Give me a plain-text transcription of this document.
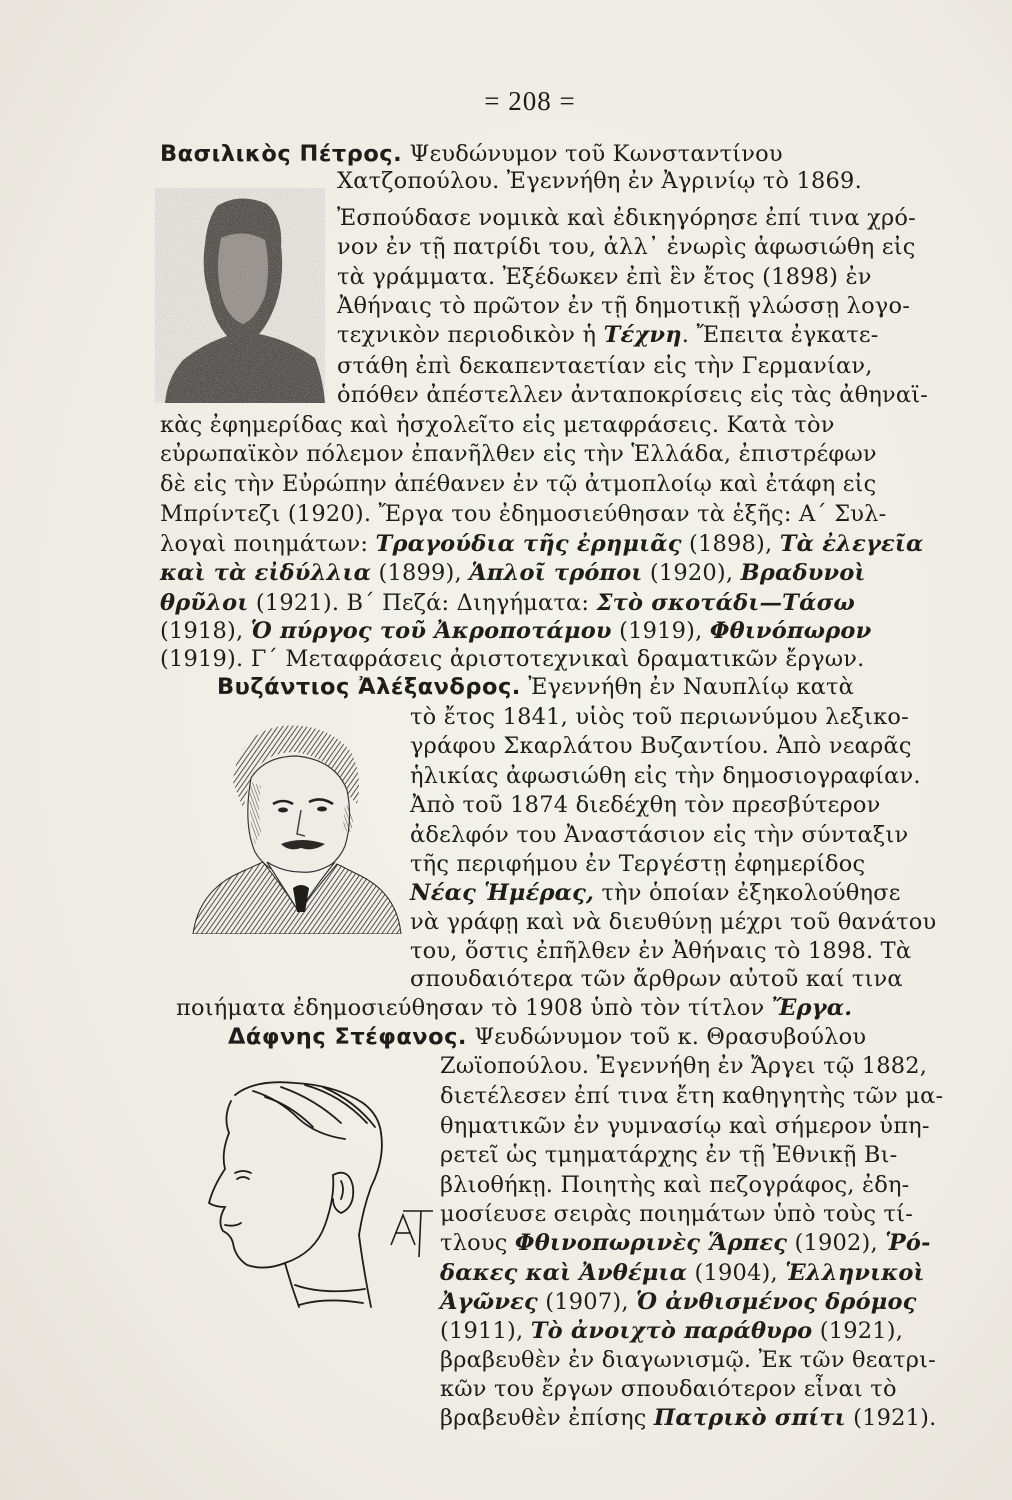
= 208 =
Βασιλικὸς Πέτρος. Ψευδώνυμον τοῦ Κωνσταντίνου
Χατζοπούλου. Ἐγεννήθη ἐν Ἀγρινίῳ τὸ 1869.
Ἐσπούδασε νομικὰ καὶ ἐδικηγόρησε ἐπί τινα χρό-
νον ἐν τῇ πατρίδι του, ἀλλ᾽ ἐνωρὶς ἀφωσιώθη εἰς
τὰ γράμματα. Ἐξέδωκεν ἐπὶ ἓν ἔτος (1898) ἐν
Ἀθήναις τὸ πρῶτον ἐν τῇ δημοτικῇ γλώσσῃ λογο-
τεχνικὸν περιοδικὸν ἡ Τέχνη. Ἔπειτα ἐγκατε-
στάθη ἐπὶ δεκαπενταετίαν εἰς τὴν Γερμανίαν,
ὁπόθεν ἀπέστελλεν ἀνταποκρίσεις εἰς τὰς ἀθηναϊ-
κὰς ἐφημερίδας καὶ ἠσχολεῖτο εἰς μεταφράσεις. Κατὰ τὸν
εὐρωπαϊκὸν πόλεμον ἐπανῆλθεν εἰς τὴν Ἑλλάδα, ἐπιστρέφων
δὲ εἰς τὴν Εὐρώπην ἀπέθανεν ἐν τῷ ἀτμοπλοίῳ καὶ ἐτάφη εἰς
Μπρίντεζι (1920). Ἔργα του ἐδημοσιεύθησαν τὰ ἑξῆς: Α΄ Συλ-
λογαὶ ποιημάτων: Τραγούδια τῆς ἐρημιᾶς (1898), Τὰ ἐλεγεῖα
καὶ τὰ εἰδύλλια (1899), Ἁπλοῖ τρόποι (1920), Βραδυνοὶ
θρῦλοι (1921). Β΄ Πεζά: Διηγήματα: Στὸ σκοτάδι—Τάσω
(1918), Ὁ πύργος τοῦ Ἀκροποτάμου (1919), Φθινόπωρον
(1919). Γ΄ Μεταφράσεις ἀριστοτεχνικαὶ δραματικῶν ἔργων.
Βυζάντιος Ἀλέξανδρος. Ἐγεννήθη ἐν Ναυπλίῳ κατὰ
τὸ ἔτος 1841, υἱὸς τοῦ περιωνύμου λεξικο-
γράφου Σκαρλάτου Βυζαντίου. Ἀπὸ νεαρᾶς
ἡλικίας ἀφωσιώθη εἰς τὴν δημοσιογραφίαν.
Ἀπὸ τοῦ 1874 διεδέχθη τὸν πρεσβύτερον
ἀδελφόν του Ἀναστάσιον εἰς τὴν σύνταξιν
τῆς περιφήμου ἐν Τεργέστῃ ἐφημερίδος
Νέας Ἡμέρας, τὴν ὁποίαν ἐξηκολούθησε
νὰ γράφῃ καὶ νὰ διευθύνῃ μέχρι τοῦ θανάτου
του, ὅστις ἐπῆλθεν ἐν Ἀθήναις τὸ 1898. Τὰ
σπουδαιότερα τῶν ἄρθρων αὐτοῦ καί τινα
ποιήματα ἐδημοσιεύθησαν τὸ 1908 ὑπὸ τὸν τίτλον Ἔργα.
Δάφνης Στέφανος. Ψευδώνυμον τοῦ κ. Θρασυβούλου
Ζωϊοπούλου. Ἐγεννήθη ἐν Ἄργει τῷ 1882,
διετέλεσεν ἐπί τινα ἔτη καθηγητὴς τῶν μα-
θηματικῶν ἐν γυμνασίῳ καὶ σήμερον ὑπη-
ρετεῖ ὡς τμηματάρχης ἐν τῇ Ἐθνικῇ Βι-
βλιοθήκῃ. Ποιητὴς καὶ πεζογράφος, ἐδη-
μοσίευσε σειρὰς ποιημάτων ὑπὸ τοὺς τί-
τλους Φθινοπωρινὲς Ἅρπες (1902), Ῥό-
δακες καὶ Ἀνθέμια (1904), Ἑλληνικοὶ
Ἀγῶνες (1907), Ὁ ἀνθισμένος δρόμος
(1911), Τὸ ἀνοιχτὸ παράθυρο (1921),
βραβευθὲν ἐν διαγωνισμῷ. Ἐκ τῶν θεατρι-
κῶν του ἔργων σπουδαιότερον εἶναι τὸ
βραβευθὲν ἐπίσης Πατρικὸ σπίτι (1921).
